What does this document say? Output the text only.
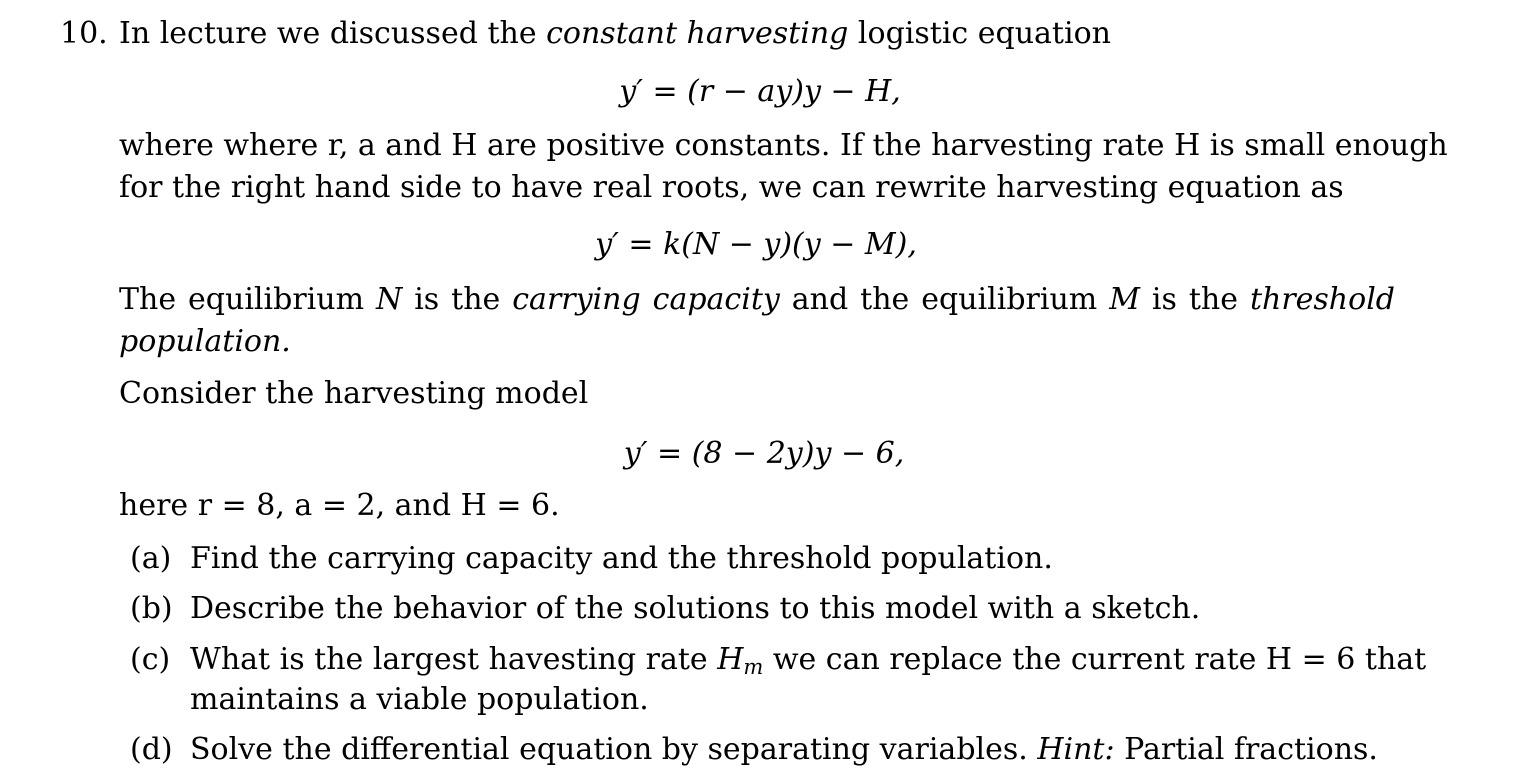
10. In lecture we discussed the constant harvesting logistic equation
y′ = (r − ay)y − H,
where where r, a and H are positive constants. If the harvesting rate H is small enough
for the right hand side to have real roots, we can rewrite harvesting equation as
y′ = k(N − y)(y − M),
The equilibrium N is the carrying capacity and the equilibrium M is the threshold
population.
Consider the harvesting model
y′ = (8 − 2y)y − 6,
here r = 8, a = 2, and H = 6.
(a) Find the carrying capacity and the threshold population.
(b) Describe the behavior of the solutions to this model with a sketch.
(c) What is the largest havesting rate $H_m$ we can replace the current rate H = 6 that
maintains a viable population.
(d) Solve the differential equation by separating variables. Hint: Partial fractions.
